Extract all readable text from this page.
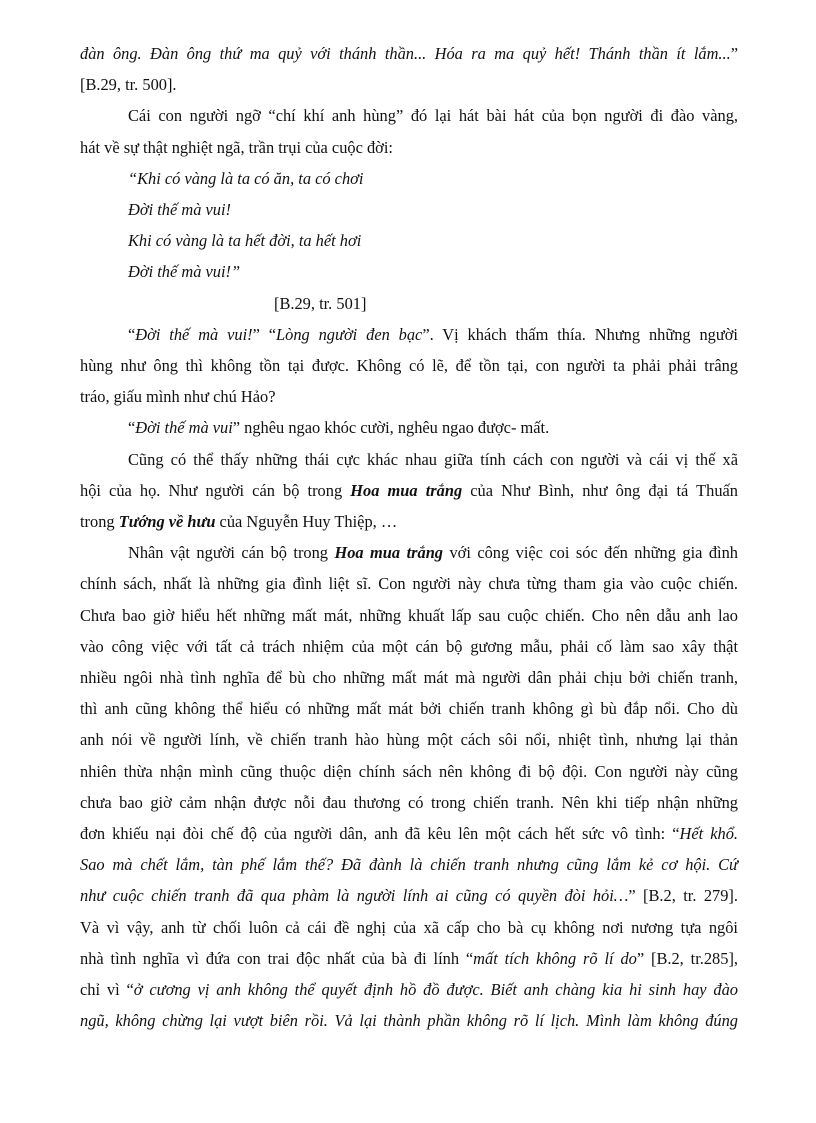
đàn ông. Đàn ông thứ ma quỷ với thánh thần... Hóa ra ma quỷ hết! Thánh thần ít lắm...”
[B.29, tr. 500].
Cái con người ngỡ “chí khí anh hùng” đó lại hát bài hát của bọn người đi đào vàng,
hát về sự thật nghiệt ngã, trần trụi của cuộc đời:
“Khi có vàng là ta có ăn, ta có chơi
Đời thế mà vui!
Khi có vàng là ta hết đời, ta hết hơi
Đời thế mà vui!”
[B.29, tr. 501]
“Đời thế mà vui!” “Lòng người đen bạc”. Vị khách thấm thía. Nhưng những người
hùng như ông thì không tồn tại được. Không có lẽ, để tồn tại, con người ta phải phải trâng
tráo, giấu mình như chú Hảo?
“Đời thế mà vui” nghêu ngao khóc cười, nghêu ngao được- mất.
Cũng có thể thấy những thái cực khác nhau giữa tính cách con người và cái vị thế xã
hội của họ. Như người cán bộ trong Hoa mua trắng của Như Bình, như ông đại tá Thuấn
trong Tướng về hưu của Nguyễn Huy Thiệp, …
Nhân vật người cán bộ trong Hoa mua trắng với công việc coi sóc đến những gia đình
chính sách, nhất là những gia đình liệt sĩ. Con người này chưa từng tham gia vào cuộc chiến.
Chưa bao giờ hiểu hết những mất mát, những khuất lấp sau cuộc chiến. Cho nên dẫu anh lao
vào công việc với tất cả trách nhiệm của một cán bộ gương mẫu, phải cố làm sao xây thật
nhiều ngôi nhà tình nghĩa để bù cho những mất mát mà người dân phải chịu bởi chiến tranh,
thì anh cũng không thể hiểu có những mất mát bởi chiến tranh không gì bù đắp nổi. Cho dù
anh nói về người lính, về chiến tranh hào hùng một cách sôi nổi, nhiệt tình, nhưng lại thản
nhiên thừa nhận mình cũng thuộc diện chính sách nên không đi bộ đội. Con người này cũng
chưa bao giờ cảm nhận được nỗi đau thương có trong chiến tranh. Nên khi tiếp nhận những
đơn khiếu nại đòi chế độ của người dân, anh đã kêu lên một cách hết sức vô tình: “Hết khổ.
Sao mà chết lắm, tàn phế lắm thế? Đã đành là chiến tranh nhưng cũng lắm kẻ cơ hội. Cứ
như cuộc chiến tranh đã qua phàm là người lính ai cũng có quyền đòi hỏi…” [B.2, tr. 279].
Và vì vậy, anh từ chối luôn cả cái đề nghị của xã cấp cho bà cụ không nơi nương tựa ngôi
nhà tình nghĩa vì đứa con trai độc nhất của bà đi lính “mất tích không rõ lí do” [B.2, tr.285],
chỉ vì “ở cương vị anh không thể quyết định hồ đồ được. Biết anh chàng kia hi sinh hay đào
ngũ, không chừng lại vượt biên rồi. Vả lại thành phần không rõ lí lịch. Mình làm không đúng
